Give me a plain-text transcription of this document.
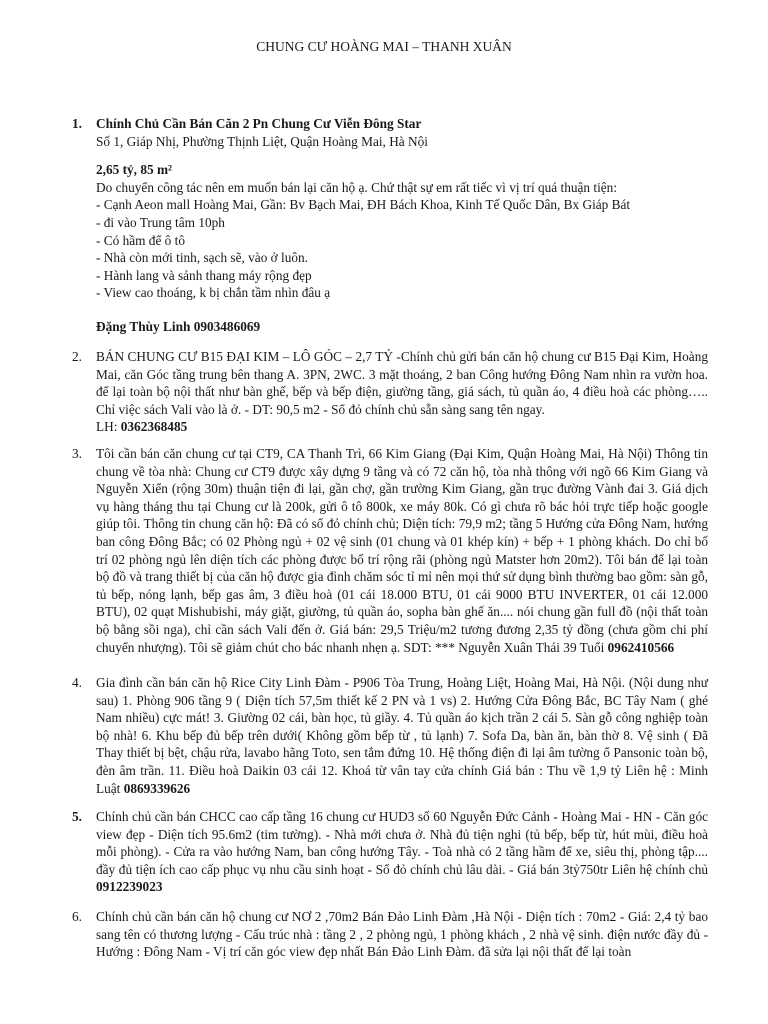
CHUNG CƯ HOÀNG MAI – THANH XUÂN
1. Chính Chủ Cần Bán Căn 2 Pn Chung Cư Viễn Đông Star
Số 1, Giáp Nhị, Phường Thịnh Liệt, Quận Hoàng Mai, Hà Nội
2,65 tỷ, 85 m²
Do chuyển công tác nên em muốn bán lại căn hộ ạ. Chứ thật sự em rất tiếc vì vị trí quá thuận tiện:
- Cạnh Aeon mall Hoàng Mai, Gần: Bv Bạch Mai, ĐH Bách Khoa, Kinh Tế Quốc Dân, Bx Giáp Bát
- đi vào Trung tâm 10ph
- Có hầm để ô tô
- Nhà còn mới tinh, sạch sẽ, vào ở luôn.
- Hành lang và sảnh thang máy rộng đẹp
- View cao thoáng, k bị chắn tầm nhìn đâu ạ
Đặng Thùy Linh 0903486069
2. BÁN CHUNG CƯ B15 ĐẠI KIM – LÔ GÓC – 2,7 TỶ -Chính chủ gửi bán căn hộ chung cư B15 Đại Kim, Hoàng Mai, căn Góc tầng trung bên thang A. 3PN, 2WC. 3 mặt thoáng, 2 ban Công hướng Đông Nam nhìn ra vườn hoa. để lại toàn bộ nội thất như bàn ghế, bếp và bếp điện, giường tầng, giá sách, tủ quần áo, 4 điều hoà các phòng….. Chỉ việc sách Vali vào là ở. - DT: 90,5 m2 - Sổ đỏ chính chủ sẵn sàng sang tên ngay.
LH: 0362368485
3. Tôi cần bán căn chung cư tại CT9, CA Thanh Trì, 66 Kim Giang (Đại Kim, Quận Hoàng Mai, Hà Nội) Thông tin chung về tòa nhà: Chung cư CT9 được xây dựng 9 tầng và có 72 căn hộ, tòa nhà thông với ngõ 66 Kim Giang và Nguyễn Xiển (rộng 30m) thuận tiện đi lại, gần chợ, gần trường Kim Giang, gần trục đường Vành đai 3. Giá dịch vụ hàng tháng thu tại Chung cư là 200k, gửi ô tô 800k, xe máy 80k. Có gì chưa rõ bác hỏi trực tiếp hoặc google giúp tôi. Thông tin chung căn hộ: Đã có sổ đỏ chính chủ; Diện tích: 79,9 m2; tầng 5 Hướng cửa Đông Nam, hướng ban công Đông Bắc; có 02 Phòng ngủ + 02 vệ sinh (01 chung và 01 khép kín) + bếp + 1 phòng khách. Do chỉ bố trí 02 phòng ngủ lên diện tích các phòng được bố trí rộng rãi (phòng ngủ Matster hơn 20m2). Tôi bán để lại toàn bộ đồ và trang thiết bị của căn hộ được gia đình chăm sóc tỉ mỉ nên mọi thứ sử dụng bình thường bao gồm: sàn gỗ, tủ bếp, nóng lạnh, bếp gas âm, 3 điều hoà (01 cái 18.000 BTU, 01 cái 9000 BTU INVERTER, 01 cái 12.000 BTU), 02 quạt Mishubishi, máy giặt, giường, tủ quần áo, sopha bàn ghế ăn.... nói chung gần full đồ (nội thất toàn bộ bằng sồi nga), chỉ cần sách Vali đến ở. Giá bán: 29,5 Triệu/m2 tương đương 2,35 tỷ đồng (chưa gồm chi phí chuyển nhượng). Tôi sẽ giảm chút cho bác nhanh nhẹn ạ. SDT: *** Nguyễn Xuân Thái 39 Tuổi 0962410566
4. Gia đình cần bán căn hộ Rice City Linh Đàm - P906 Tòa Trung, Hoàng Liệt, Hoàng Mai, Hà Nội. (Nội dung như sau) 1. Phòng 906 tầng 9 ( Diện tích 57,5m thiết kế 2 PN và 1 vs) 2. Hướng Cửa Đông Bắc, BC Tây Nam ( ghé Nam nhiều) cực mát! 3. Giường 02 cái, bàn học, tủ giầy. 4. Tủ quần áo kịch trần 2 cái 5. Sàn gỗ công nghiệp toàn bộ nhà! 6. Khu bếp đủ bếp trên dưới( Không gồm bếp từ , tủ lạnh) 7. Sofa Da, bàn ăn, bàn thờ 8. Vệ sinh ( Đã Thay thiết bị bệt, chậu rửa, lavabo hãng Toto, sen tắm đứng 10. Hệ thống điện đi lại âm tường ổ Pansonic toàn bộ, đèn âm trần. 11. Điều hoà Daikin 03 cái 12. Khoá từ vân tay cửa chính Giá bán : Thu về 1,9 tỷ Liên hệ : Minh Luật 0869339626
5. Chính chủ cần bán CHCC cao cấp tầng 16 chung cư HUD3 số 60 Nguyễn Đức Cảnh - Hoàng Mai - HN - Căn góc view đẹp - Diện tích 95.6m2 (tim tường). - Nhà mới chưa ở. Nhà đủ tiện nghi (tủ bếp, bếp từ, hút mùi, điều hoà mỗi phòng). - Cửa ra vào hướng Nam, ban công hướng Tây. - Toà nhà có 2 tầng hầm để xe, siêu thị, phòng tập.... đầy đủ tiện ích cao cấp phục vụ nhu cầu sinh hoạt - Sổ đỏ chính chủ lâu dài. - Giá bán 3tỷ750tr Liên hệ chính chủ 0912239023
6. Chính chủ cần bán căn hộ chung cư NƠ 2 ,70m2 Bán Đảo Linh Đàm ,Hà Nội - Diện tích : 70m2 - Giá: 2,4 tỷ bao sang tên có thương lượng - Cấu trúc nhà : tầng 2 , 2 phòng ngủ, 1 phòng khách , 2 nhà vệ sinh. điện nước đầy đủ - Hướng : Đông Nam - Vị trí căn góc view đẹp nhất Bán Đảo Linh Đàm. đã sửa lại nội thất để lại toàn
